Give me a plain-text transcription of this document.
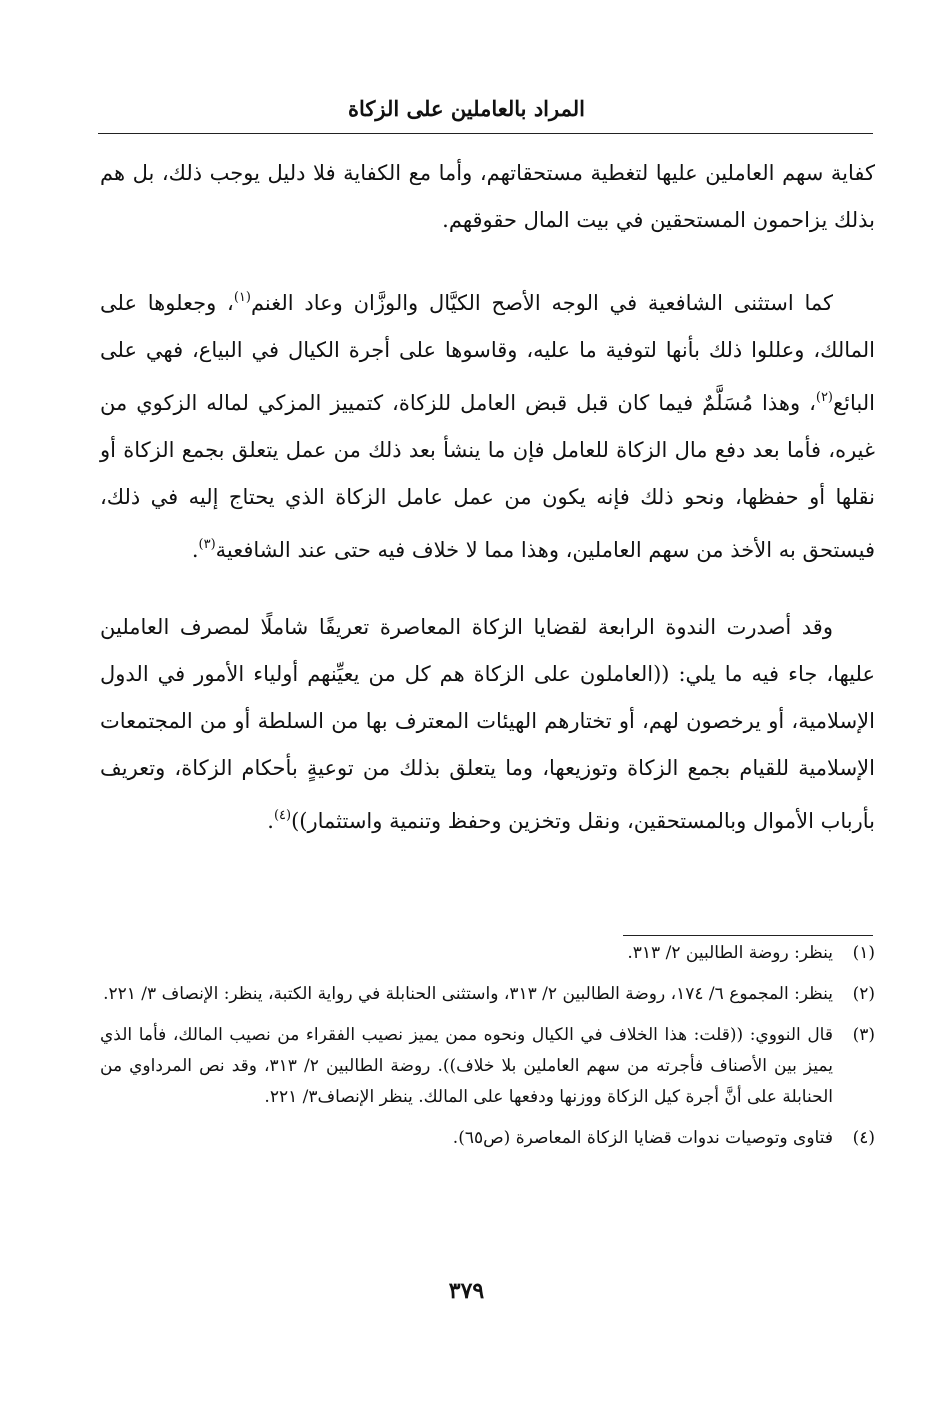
المراد بالعاملين على الزكاة

كفاية سهم العاملين عليها لتغطية مستحقاتهم، وأما مع الكفاية فلا دليل يوجب ذلك، بل هم بذلك يزاحمون المستحقين في بيت المال حقوقهم.

كما استثنى الشافعية في الوجه الأصح الكيَّال والوزَّان وعاد الغنم$^{(١)}$، وجعلوها على المالك، وعللوا ذلك بأنها لتوفية ما عليه، وقاسوها على أجرة الكيال في البياع، فهي على البائع$^{(٢)}$، وهذا مُسَلَّمٌ فيما كان قبل قبض العامل للزكاة، كتمييز المزكي لماله الزكوي من غيره، فأما بعد دفع مال الزكاة للعامل فإن ما ينشأ بعد ذلك من عمل يتعلق بجمع الزكاة أو نقلها أو حفظها، ونحو ذلك فإنه يكون من عمل عامل الزكاة الذي يحتاج إليه في ذلك، فيستحق به الأخذ من سهم العاملين، وهذا مما لا خلاف فيه حتى عند الشافعية$^{(٣)}$.

وقد أصدرت الندوة الرابعة لقضايا الزكاة المعاصرة تعريفًا شاملًا لمصرف العاملين عليها، جاء فيه ما يلي: ((العاملون على الزكاة هم كل من يعيِّنهم أولياء الأمور في الدول الإسلامية، أو يرخصون لهم، أو تختارهم الهيئات المعترف بها من السلطة أو من المجتمعات الإسلامية للقيام بجمع الزكاة وتوزيعها، وما يتعلق بذلك من توعيةٍ بأحكام الزكاة، وتعريف بأرباب الأموال وبالمستحقين، ونقل وتخزين وحفظ وتنمية واستثمار))$^{(٤)}$.

(١)
ينظر: روضة الطالبين ٢/ ٣١٣.
(٢)
ينظر: المجموع ٦/ ١٧٤، روضة الطالبين ٢/ ٣١٣، واستثنى الحنابلة في رواية الكتبة، ينظر: الإنصاف ٣/ ٢٢١.
(٣)
قال النووي: ((قلت: هذا الخلاف في الكيال ونحوه ممن يميز نصيب الفقراء من نصيب المالك، فأما الذي يميز بين الأصناف فأجرته من سهم العاملين بلا خلاف)). روضة الطالبين ٢/ ٣١٣، وقد نص المرداوي من الحنابلة على أنَّ أجرة كيل الزكاة ووزنها ودفعها على المالك. ينظر الإنصاف٣/ ٢٢١.
(٤)
فتاوى وتوصيات ندوات قضايا الزكاة المعاصرة (ص٦٥).
٣٧٩
